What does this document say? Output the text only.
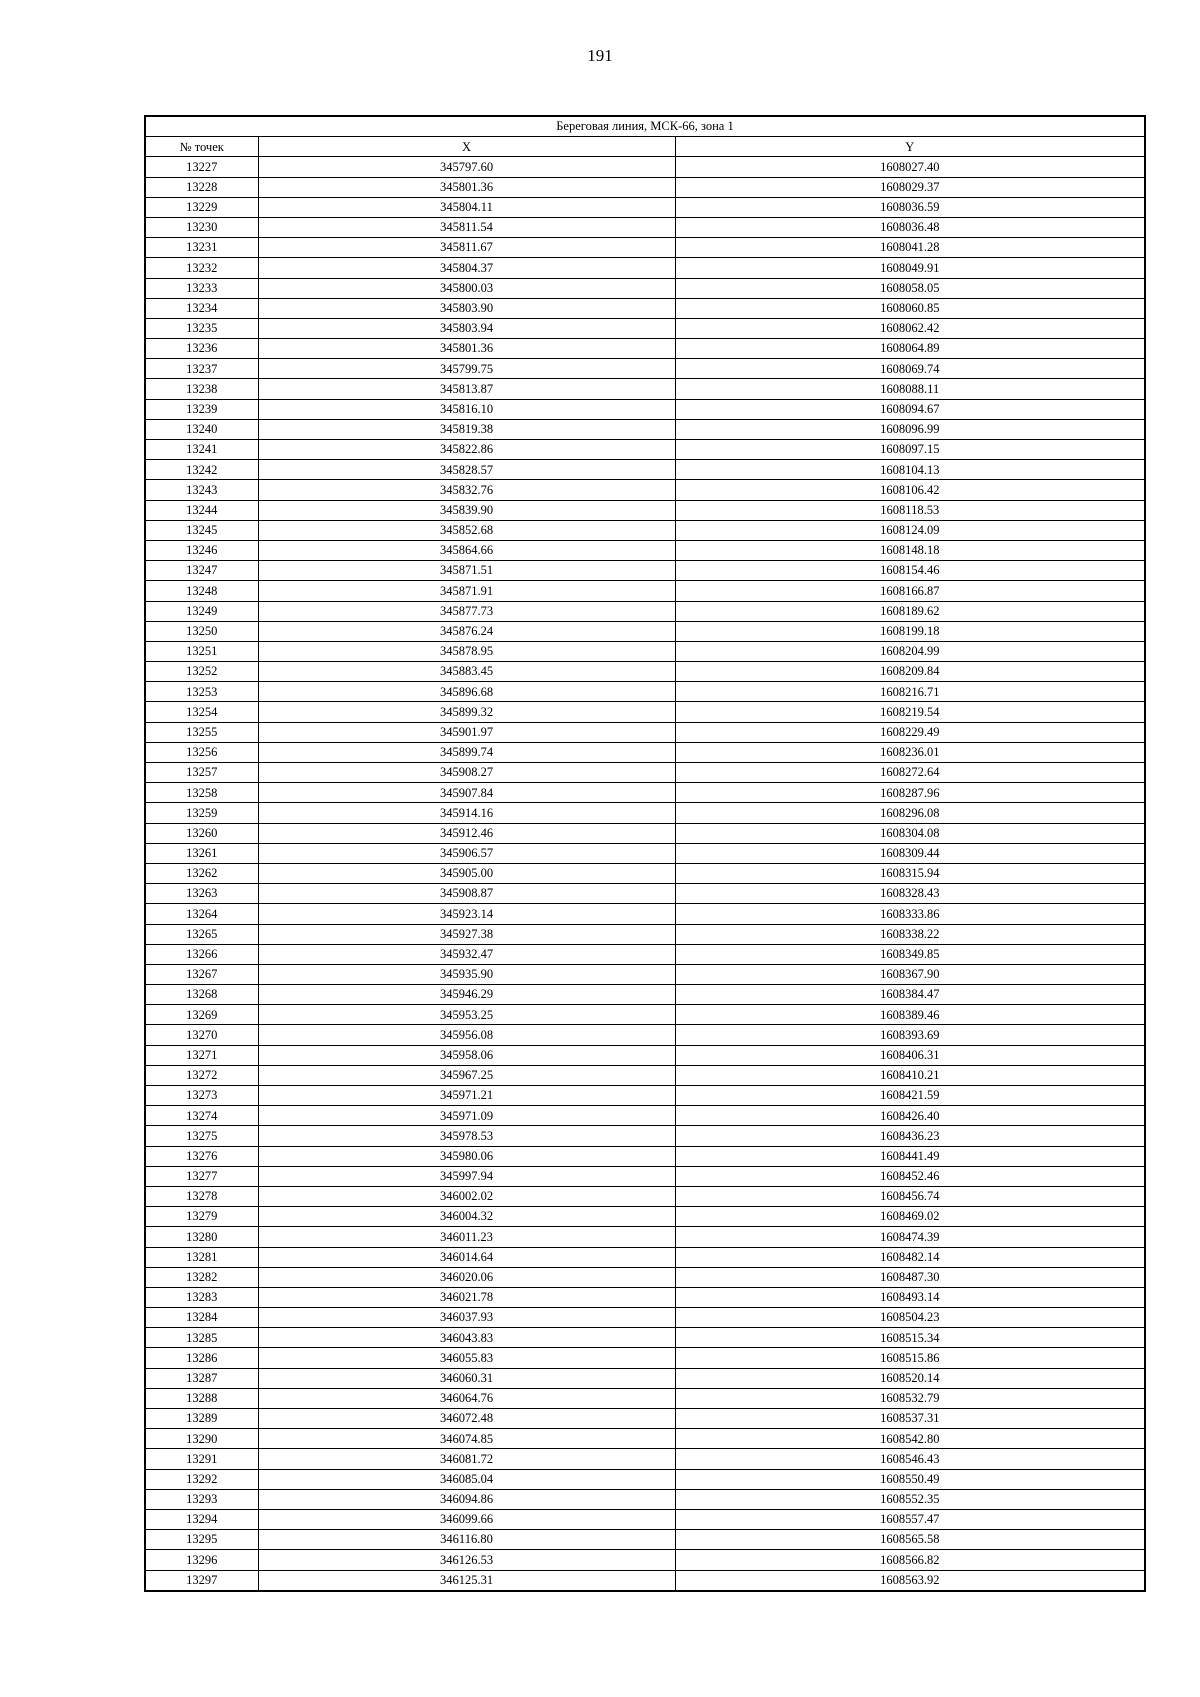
191
Береговая линия, МСК-66, зона 1		
№ точек	X	Y
13227	345797.60	1608027.40
13228	345801.36	1608029.37
13229	345804.11	1608036.59
13230	345811.54	1608036.48
13231	345811.67	1608041.28
13232	345804.37	1608049.91
13233	345800.03	1608058.05
13234	345803.90	1608060.85
13235	345803.94	1608062.42
13236	345801.36	1608064.89
13237	345799.75	1608069.74
13238	345813.87	1608088.11
13239	345816.10	1608094.67
13240	345819.38	1608096.99
13241	345822.86	1608097.15
13242	345828.57	1608104.13
13243	345832.76	1608106.42
13244	345839.90	1608118.53
13245	345852.68	1608124.09
13246	345864.66	1608148.18
13247	345871.51	1608154.46
13248	345871.91	1608166.87
13249	345877.73	1608189.62
13250	345876.24	1608199.18
13251	345878.95	1608204.99
13252	345883.45	1608209.84
13253	345896.68	1608216.71
13254	345899.32	1608219.54
13255	345901.97	1608229.49
13256	345899.74	1608236.01
13257	345908.27	1608272.64
13258	345907.84	1608287.96
13259	345914.16	1608296.08
13260	345912.46	1608304.08
13261	345906.57	1608309.44
13262	345905.00	1608315.94
13263	345908.87	1608328.43
13264	345923.14	1608333.86
13265	345927.38	1608338.22
13266	345932.47	1608349.85
13267	345935.90	1608367.90
13268	345946.29	1608384.47
13269	345953.25	1608389.46
13270	345956.08	1608393.69
13271	345958.06	1608406.31
13272	345967.25	1608410.21
13273	345971.21	1608421.59
13274	345971.09	1608426.40
13275	345978.53	1608436.23
13276	345980.06	1608441.49
13277	345997.94	1608452.46
13278	346002.02	1608456.74
13279	346004.32	1608469.02
13280	346011.23	1608474.39
13281	346014.64	1608482.14
13282	346020.06	1608487.30
13283	346021.78	1608493.14
13284	346037.93	1608504.23
13285	346043.83	1608515.34
13286	346055.83	1608515.86
13287	346060.31	1608520.14
13288	346064.76	1608532.79
13289	346072.48	1608537.31
13290	346074.85	1608542.80
13291	346081.72	1608546.43
13292	346085.04	1608550.49
13293	346094.86	1608552.35
13294	346099.66	1608557.47
13295	346116.80	1608565.58
13296	346126.53	1608566.82
13297	346125.31	1608563.92
